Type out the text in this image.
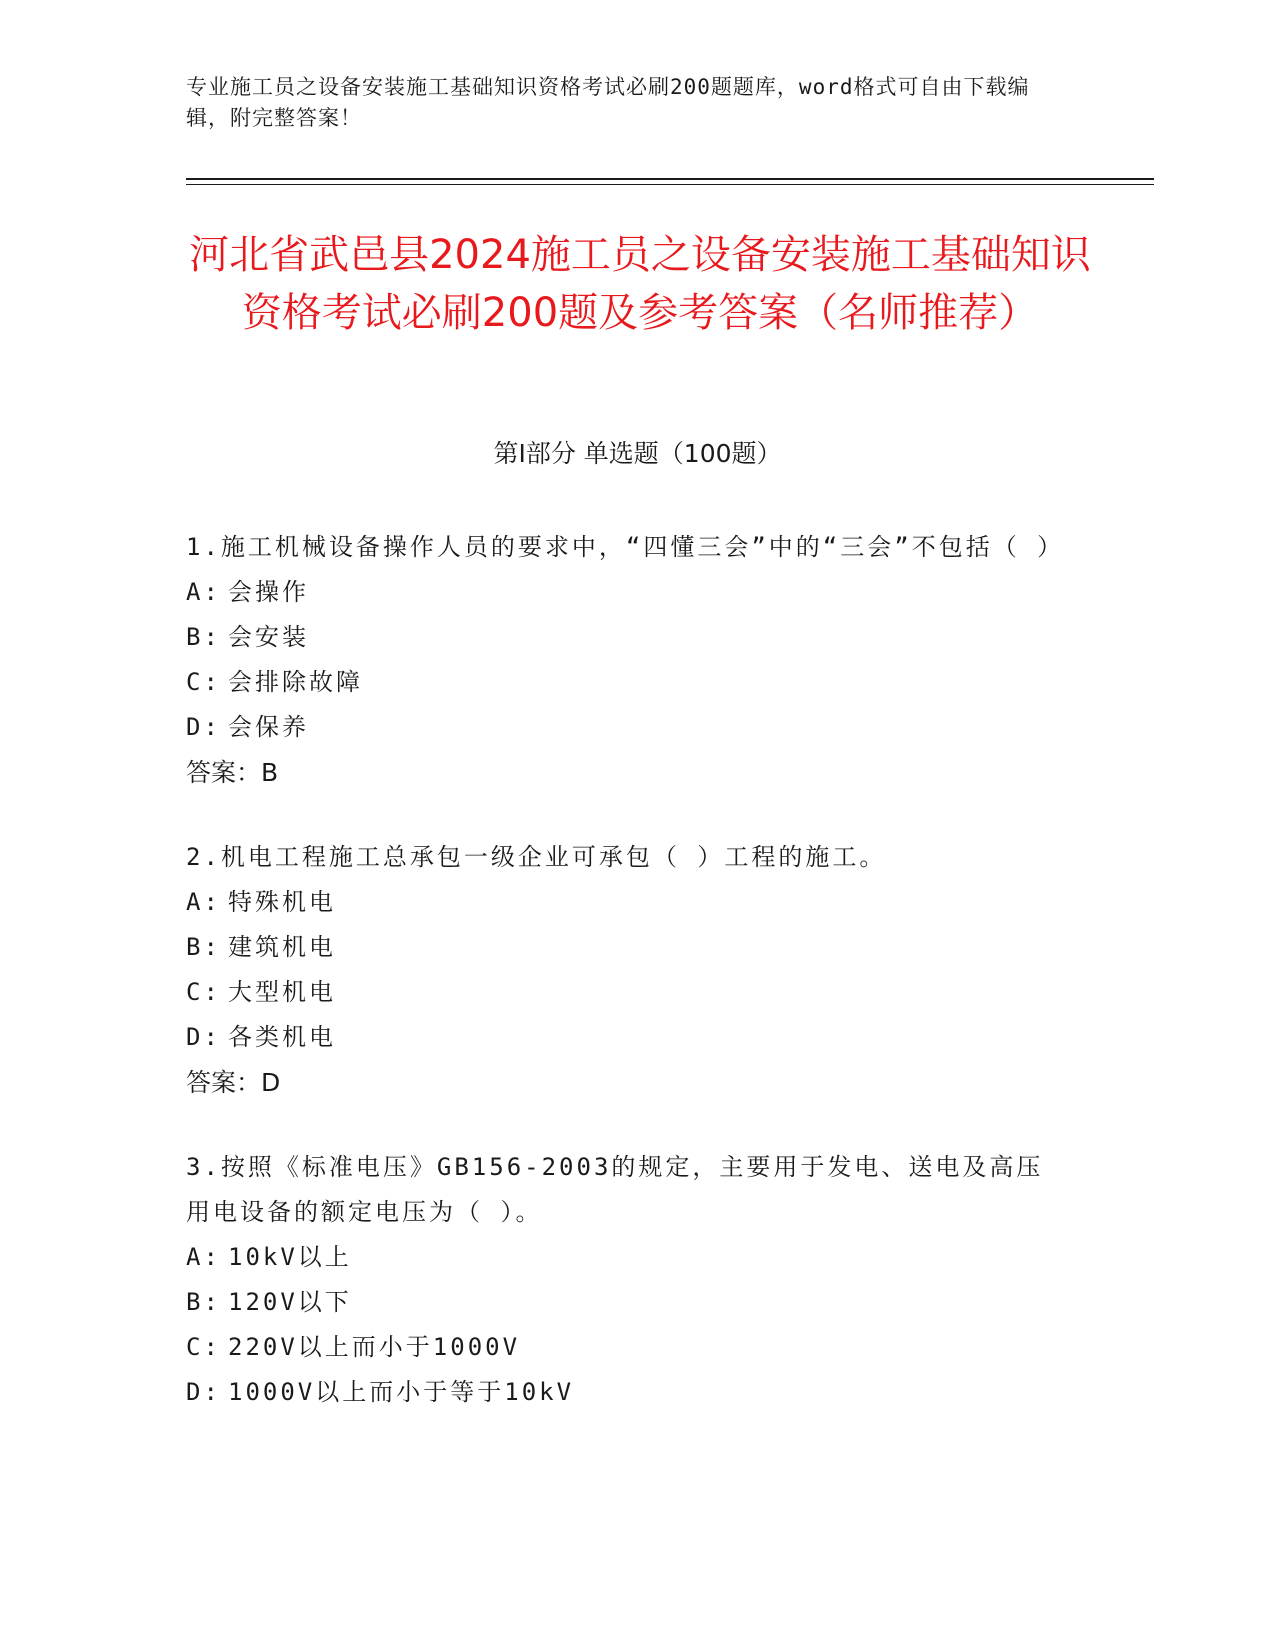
专业施工员之设备安装施工基础知识资格考试必刷200题题库，word格式可自由下载编辑，附完整答案！
河北省武邑县2024施工员之设备安装施工基础知识资格考试必刷200题及参考答案（名师推荐）
第Ⅰ部分 单选题（100题）
1.施工机械设备操作人员的要求中，“四懂三会”中的“三会”不包括（ ）
A: 会操作
B: 会安装
C: 会排除故障
D: 会保养
答案：B
2.机电工程施工总承包一级企业可承包（ ）工程的施工。
A: 特殊机电
B: 建筑机电
C: 大型机电
D: 各类机电
答案：D
3.按照《标准电压》GB156-2003的规定，主要用于发电、送电及高压用电设备的额定电压为（ ）。
A: 10kV以上
B: 120V以下
C: 220V以上而小于1000V
D: 1000V以上而小于等于10kV
